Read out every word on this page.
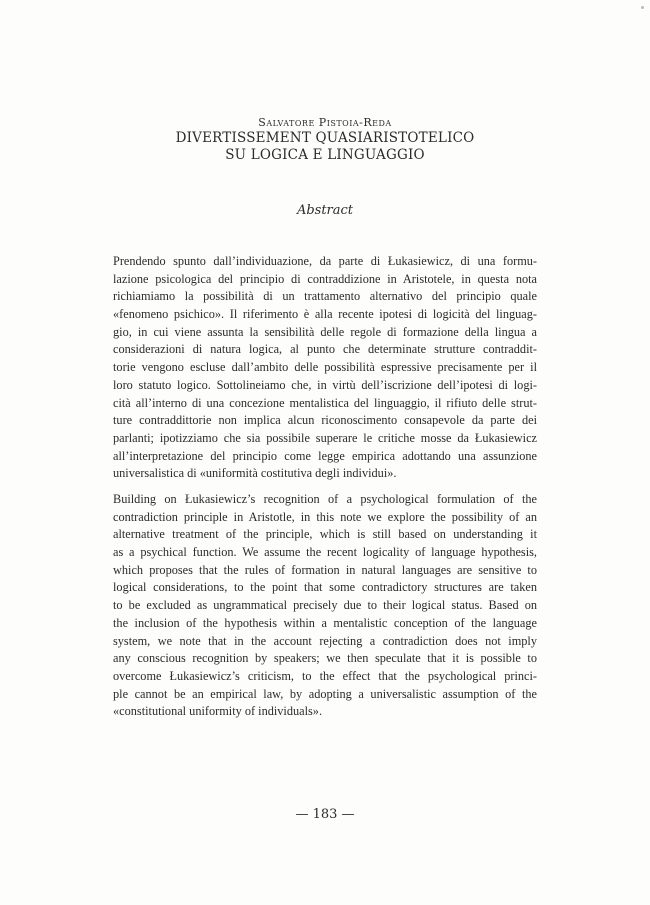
Salvatore Pistoia-Reda
DIVERTISSEMENT QUASIARISTOTELICO
SU LOGICA E LINGUAGGIO
Abstract
Prendendo spunto dall’individuazione, da parte di Łukasiewicz, di una formu-
lazione psicologica del principio di contraddizione in Aristotele, in questa nota
richiamiamo la possibilità di un trattamento alternativo del principio quale
«fenomeno psichico». Il riferimento è alla recente ipotesi di logicità del linguag-
gio, in cui viene assunta la sensibilità delle regole di formazione della lingua a
considerazioni di natura logica, al punto che determinate strutture contraddit-
torie vengono escluse dall’ambito delle possibilità espressive precisamente per il
loro statuto logico. Sottolineiamo che, in virtù dell’iscrizione dell’ipotesi di logi-
cità all’interno di una concezione mentalistica del linguaggio, il rifiuto delle strut-
ture contraddittorie non implica alcun riconoscimento consapevole da parte dei
parlanti; ipotizziamo che sia possibile superare le critiche mosse da Łukasiewicz
all’interpretazione del principio come legge empirica adottando una assunzione
universalistica di «uniformità costitutiva degli individui».
Building on Łukasiewicz’s recognition of a psychological formulation of the
contradiction principle in Aristotle, in this note we explore the possibility of an
alternative treatment of the principle, which is still based on understanding it
as a psychical function. We assume the recent logicality of language hypothesis,
which proposes that the rules of formation in natural languages are sensitive to
logical considerations, to the point that some contradictory structures are taken
to be excluded as ungrammatical precisely due to their logical status. Based on
the inclusion of the hypothesis within a mentalistic conception of the language
system, we note that in the account rejecting a contradiction does not imply
any conscious recognition by speakers; we then speculate that it is possible to
overcome Łukasiewicz’s criticism, to the effect that the psychological princi-
ple cannot be an empirical law, by adopting a universalistic assumption of the
«constitutional uniformity of individuals».
— 183 —
